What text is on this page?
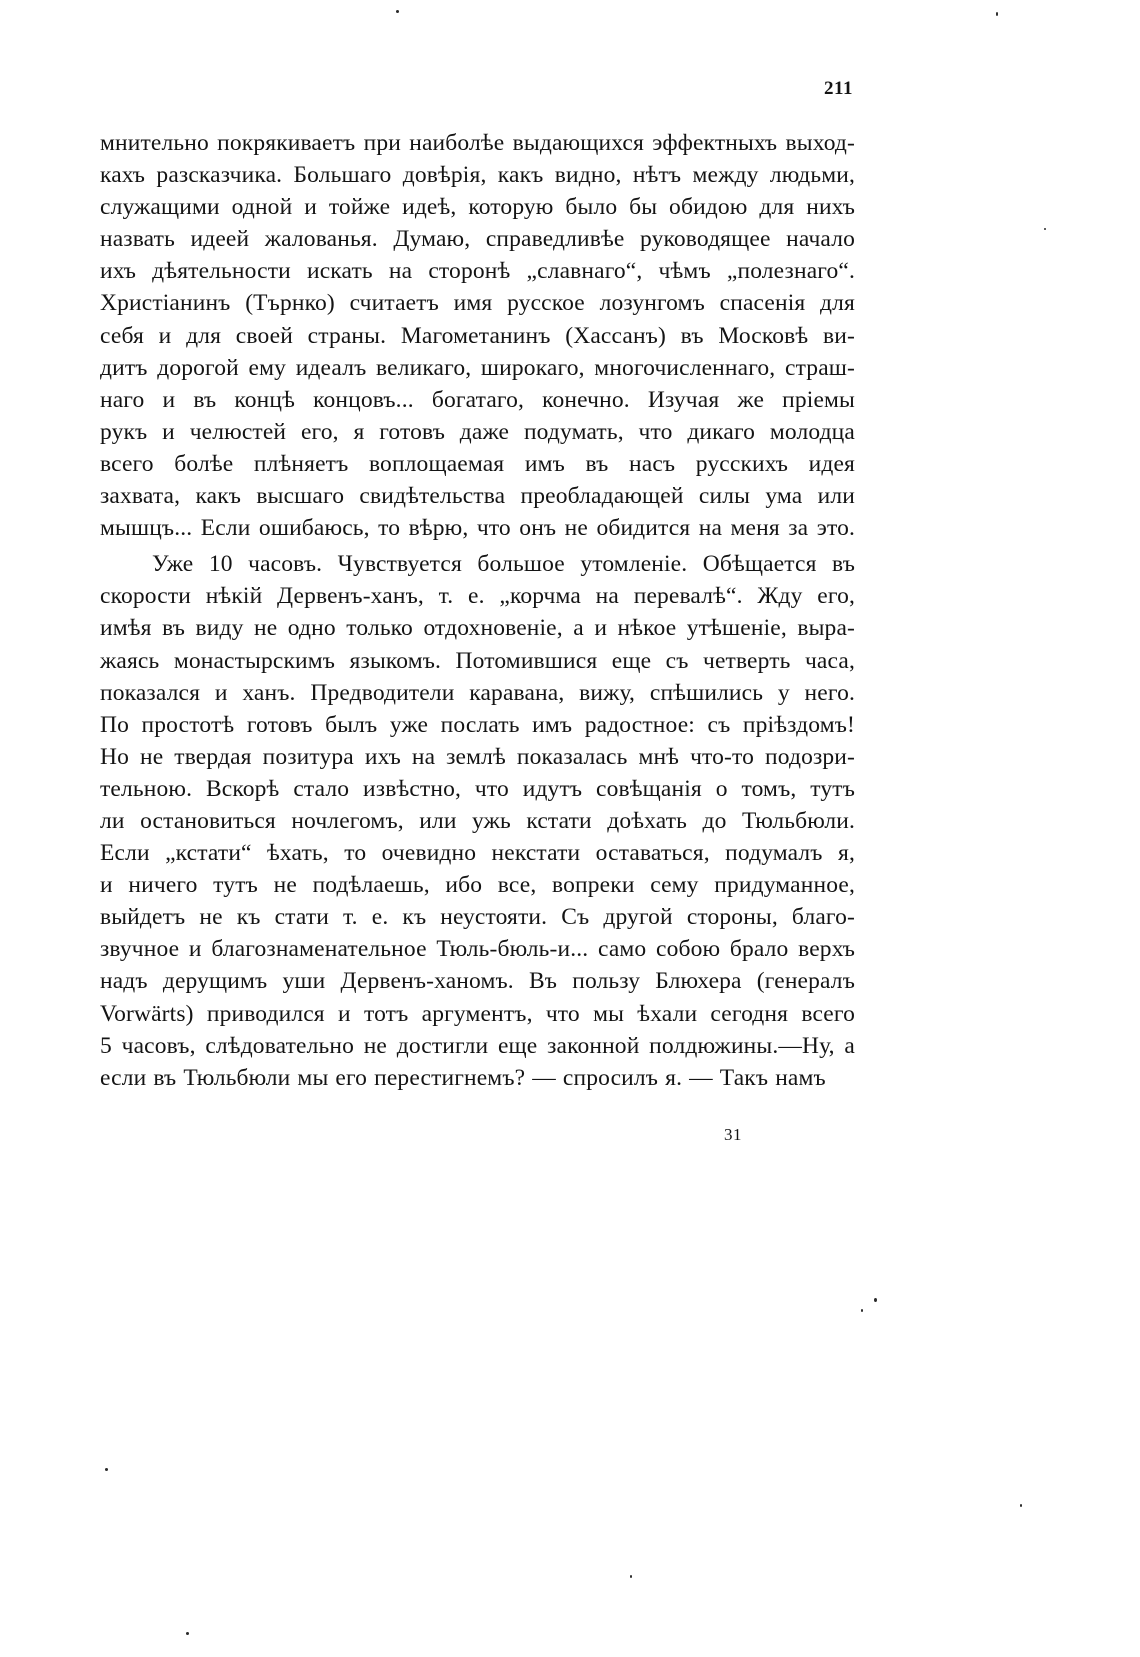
211
мнительно покрякиваетъ при наиболѣе выдающихся эффектныхъ выход-
кахъ разсказчика. Большаго довѣрія, какъ видно, нѣтъ между людьми,
служащими одной и тойже идеѣ, которую было бы обидою для нихъ
назвать идеей жалованья. Думаю, справедливѣе руководящее начало
ихъ дѣятельности искать на сторонѣ „славнаго“, чѣмъ „полезнаго“.
Христіанинъ (Търнко) считаетъ имя русское лозунгомъ спасенія для
себя и для своей страны. Магометанинъ (Хассанъ) въ Московѣ ви-
дитъ дорогой ему идеалъ великаго, широкаго, многочисленнаго, страш-
наго и въ концѣ концовъ... богатаго, конечно. Изучая же пріемы
рукъ и челюстей его, я готовъ даже подумать, что дикаго молодца
всего болѣе плѣняетъ воплощаемая имъ въ насъ русскихъ идея
захвата, какъ высшаго свидѣтельства преобладающей силы ума или
мышцъ... Если ошибаюсь, то вѣрю, что онъ не обидится на меня за это.
Уже 10 часовъ. Чувствуется большое утомленіе. Обѣщается въ
скорости нѣкій Дервенъ-ханъ, т. е. „корчма на перевалѣ“. Жду его,
имѣя въ виду не одно только отдохновеніе, а и нѣкое утѣшеніе, выра-
жаясь монастырскимъ языкомъ. Потомившися еще съ четверть часа,
показался и ханъ. Предводители каравана, вижу, спѣшились у него.
По простотѣ готовъ былъ уже послать имъ радостное: съ пріѣздомъ!
Но не твердая позитура ихъ на землѣ показалась мнѣ что-то подозри-
тельною. Вскорѣ стало извѣстно, что идутъ совѣщанія о томъ, тутъ
ли остановиться ночлегомъ, или ужь кстати доѣхать до Тюльбюли.
Если „кстати“ ѣхать, то очевидно некстати оставаться, подумалъ я,
и ничего тутъ не подѣлаешь, ибо все, вопреки сему придуманное,
выйдетъ не къ стати т. е. къ неустояти. Съ другой стороны, благо-
звучное и благознаменательное Тюль-бюль-и... само собою брало верхъ
надъ дерущимъ уши Дервенъ-ханомъ. Въ пользу Блюхера (генералъ
Vorwärts) приводился и тотъ аргументъ, что мы ѣхали сегодня всего
5 часовъ, слѣдовательно не достигли еще законной полдюжины.—Ну, а
если въ Тюльбюли мы его перестигнемъ? — спросилъ я. — Такъ намъ
31
